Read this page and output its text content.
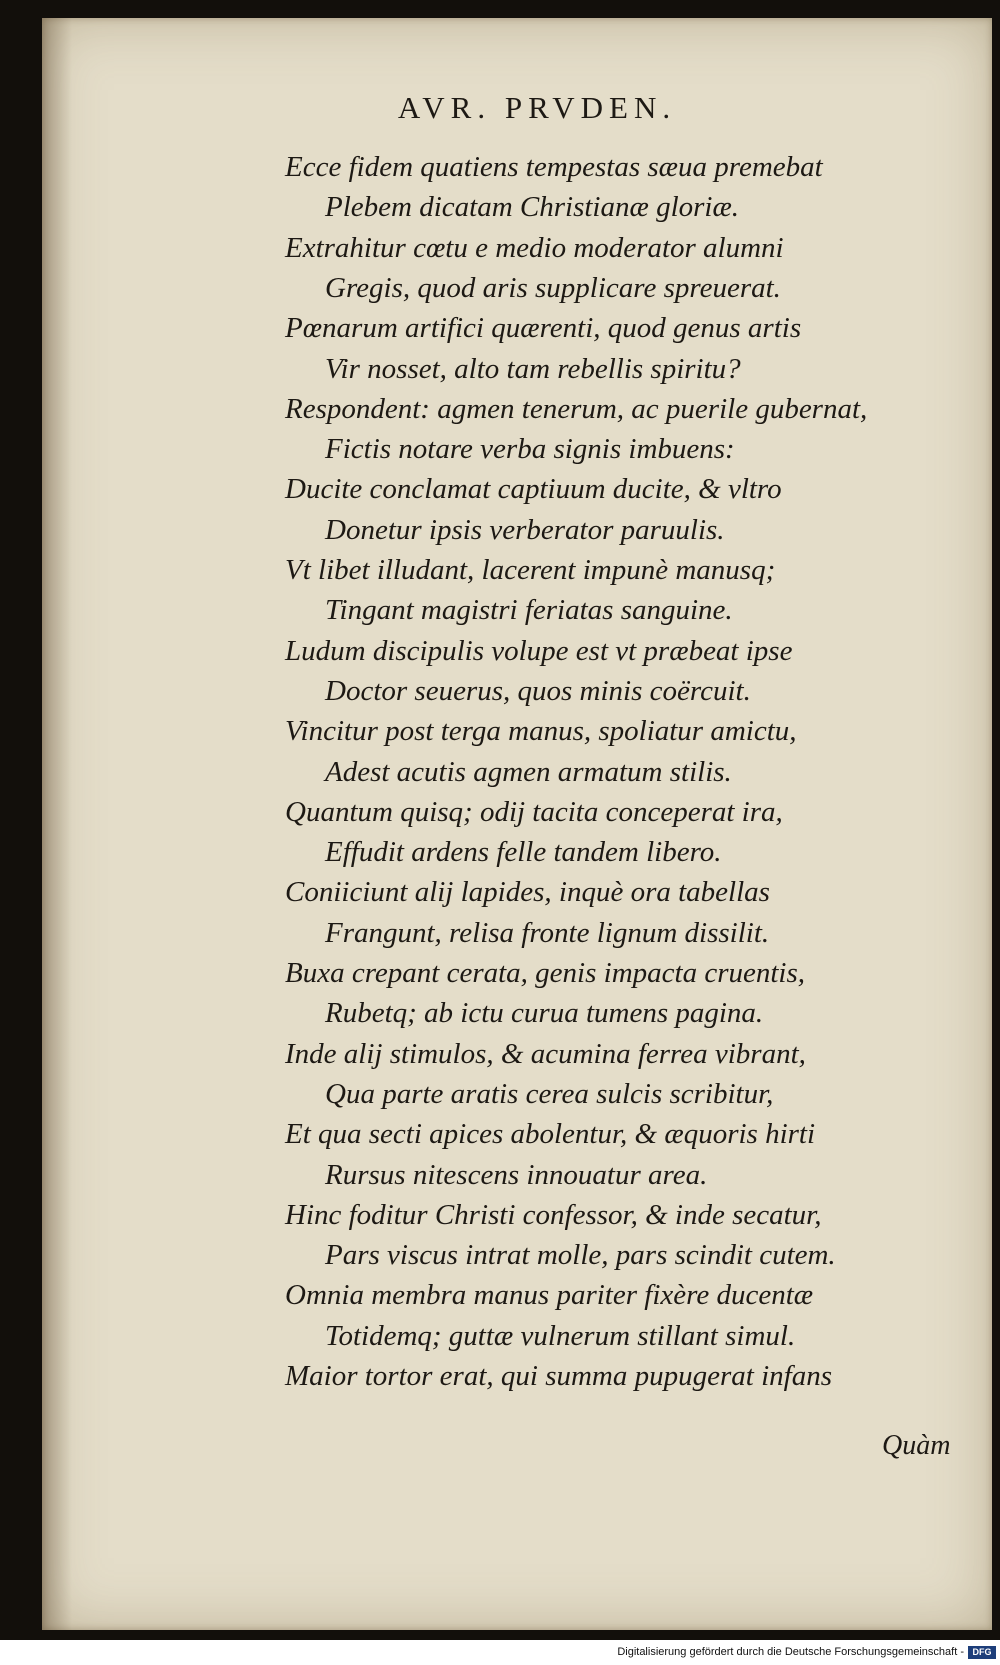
AVR. PRVDEN.
Ecce fidem quatiens tempestas sæua premebat
Plebem dicatam Christianæ gloriæ.
Extrahitur cœtu e medio moderator alumni
Gregis, quod aris supplicare spreuerat.
Pœnarum artifici quærenti, quod genus artis
Vir nosset, alto tam rebellis spiritu?
Respondent: agmen tenerum, ac puerile gubernat,
Fictis notare verba signis imbuens:
Ducite conclamat captiuum ducite, & vltro
Donetur ipsis verberator paruulis.
Vt libet illudant, lacerent impunè manusq;
Tingant magistri feriatas sanguine.
Ludum discipulis volupe est vt præbeat ipse
Doctor seuerus, quos minis coërcuit.
Vincitur post terga manus, spoliatur amictu,
Adest acutis agmen armatum stilis.
Quantum quisq; odij tacita conceperat ira,
Effudit ardens felle tandem libero.
Coniiciunt alij lapides, inquè ora tabellas
Frangunt, relisa fronte lignum dissilit.
Buxa crepant cerata, genis impacta cruentis,
Rubetq; ab ictu curua tumens pagina.
Inde alij stimulos, & acumina ferrea vibrant,
Qua parte aratis cerea sulcis scribitur,
Et qua secti apices abolentur, & æquoris hirti
Rursus nitescens innouatur area.
Hinc foditur Christi confessor, & inde secatur,
Pars viscus intrat molle, pars scindit cutem.
Omnia membra manus pariter fixère ducentæ
Totidemq; guttæ vulnerum stillant simul.
Maior tortor erat, qui summa pupugerat infans
Quàm
Digitalisierung gefördert durch die Deutsche Forschungsgemeinschaft - DFG
